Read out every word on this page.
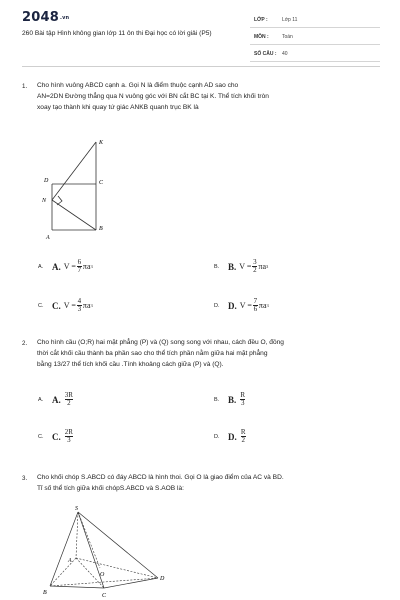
2048.vn
260 Bài tập Hình không gian lớp 11 ôn thi Đại học có lời giải (P5)
LỚP :	Lớp 11
MÔN :	Toán
SỐ CÂU : 40
1. Cho hình vuông ABCD cạnh a. Gọi N là điểm thuộc cạnh AD sao cho
AN=2DN Đường thẳng qua N vuông góc với BN cắt BC tại K. Thể tích khối tròn
xoay tạo thành khi quay tứ giác ANKB quanh trục BK là
K
D	C
N
A
B
A. A. $V = \frac{6}{7}$ πa 3	B. B. $V = \frac{3}{2}$ πa 3
C. C. $V = \frac{4}{3}$ πa 3	D. D. $V = \frac{7}{6}$ πa 3
2. Cho hình cầu (O;R) hai mặt phẳng (P) và (Q) song song với nhau, cách đều O, đồng
thời cắt khối cầu thành ba phần sao cho thể tích phần nằm giữa hai mặt phẳng
bằng 13/27 thể tích khối cầu .Tính khoảng cách giữa (P) và (Q).
A. A. $\frac{3R}{2}$	B. B. $\frac{R}{3}$
C. C. $\frac{2R}{3}$	D. D. $\frac{R}{2}$
3. Cho khối chóp S.ABCD có đáy ABCD là hình thoi. Gọi O là giao điểm của AC và BD.
Tỉ số thể tích giữa khối chópS.ABCD và S.AOB là:
S
A
D
O
B	C
